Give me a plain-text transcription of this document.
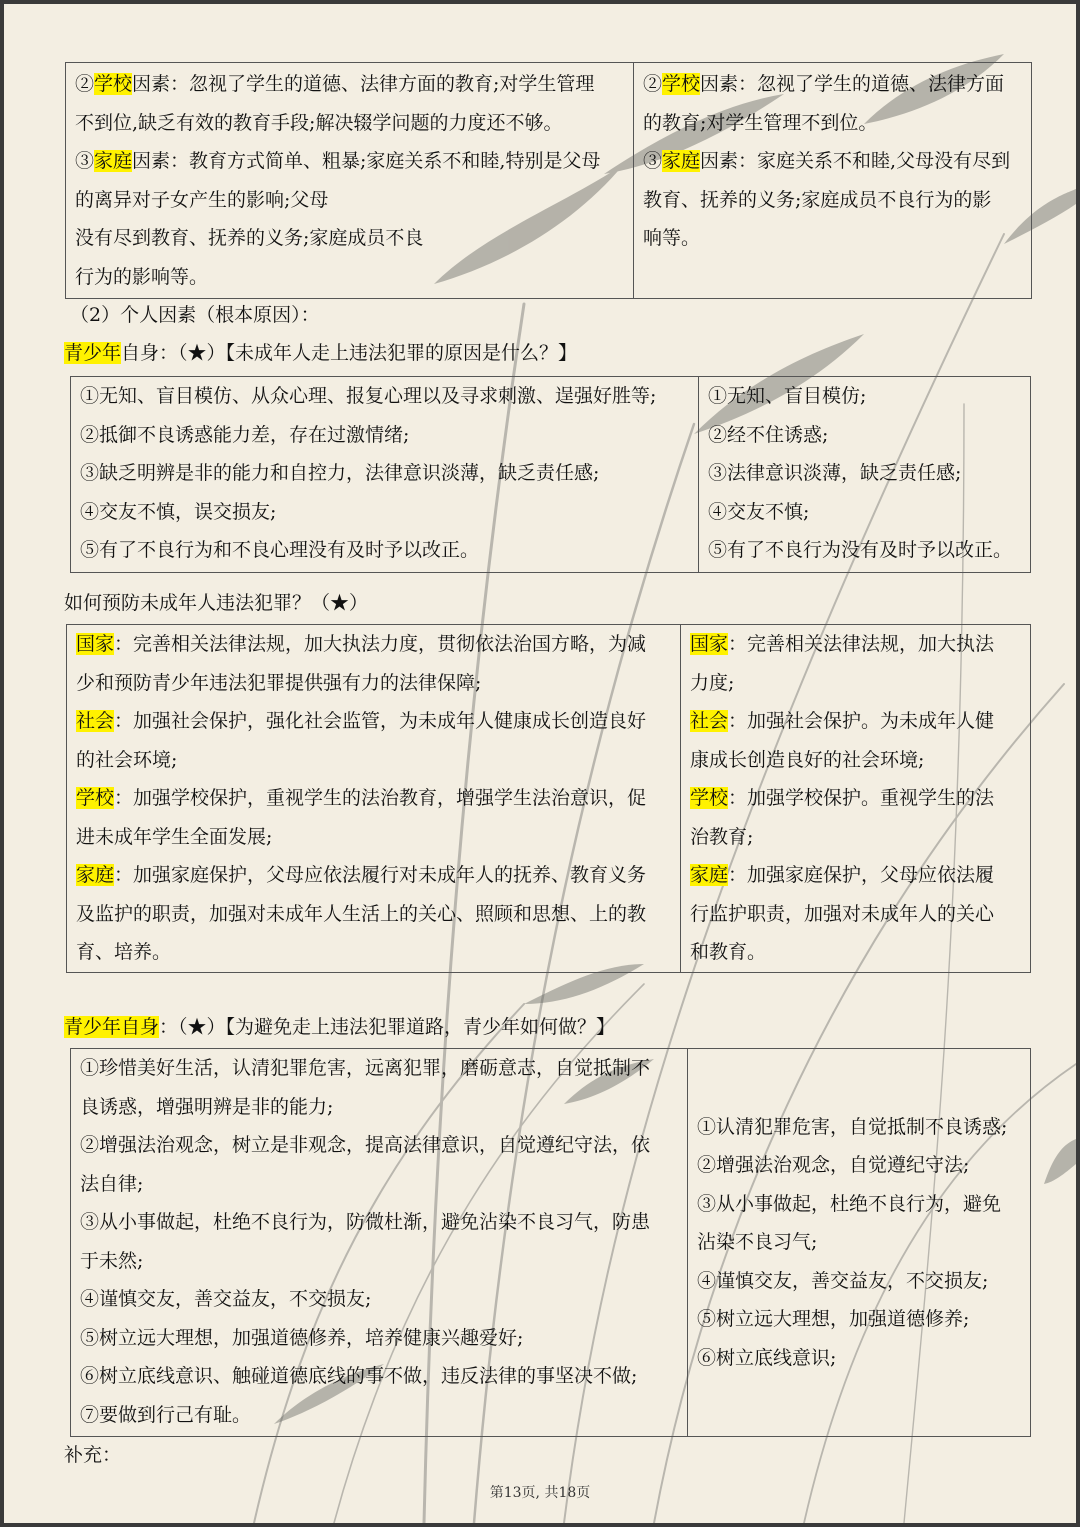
②学校因素：忽视了学生的道德、法律方面的教育;对学生管理
不到位,缺乏有效的教育手段;解决辍学问题的力度还不够。
③家庭因素：教育方式简单、粗暴;家庭关系不和睦,特别是父母
的离异对子女产生的影响;父母
没有尽到教育、抚养的义务;家庭成员不良
行为的影响等。

②学校因素：忽视了学生的道德、法律方面
的教育;对学生管理不到位。
③家庭因素：家庭关系不和睦,父母没有尽到
教育、抚养的义务;家庭成员不良行为的影
响等。
（2）个人因素（根本原因）：
青少年自身：（★）【未成年人走上违法犯罪的原因是什么？】
①无知、盲目模仿、从众心理、报复心理以及寻求刺激、逞强好胜等;
②抵御不良诱惑能力差，存在过激情绪;
③缺乏明辨是非的能力和自控力，法律意识淡薄，缺乏责任感;
④交友不慎，误交损友;
⑤有了不良行为和不良心理没有及时予以改正。

①无知、盲目模仿;
②经不住诱惑;
③法律意识淡薄，缺乏责任感;
④交友不慎;
⑤有了不良行为没有及时予以改正。
如何预防未成年人违法犯罪？（★）
国家：完善相关法律法规，加大执法力度，贯彻依法治国方略，为减
少和预防青少年违法犯罪提供强有力的法律保障;
社会：加强社会保护，强化社会监管，为未成年人健康成长创造良好
的社会环境;
学校：加强学校保护，重视学生的法治教育，增强学生法治意识，促
进未成年学生全面发展;
家庭：加强家庭保护，父母应依法履行对未成年人的抚养、教育义务
及监护的职责，加强对未成年人生活上的关心、照顾和思想、上的教
育、培养。

国家：完善相关法律法规，加大执法
力度;
社会：加强社会保护。为未成年人健
康成长创造良好的社会环境;
学校：加强学校保护。重视学生的法
治教育;
家庭：加强家庭保护，父母应依法履
行监护职责，加强对未成年人的关心
和教育。
青少年自身：（★）【为避免走上违法犯罪道路，青少年如何做？】
①珍惜美好生活，认清犯罪危害，远离犯罪，磨砺意志，自觉抵制不
良诱惑，增强明辨是非的能力;
②增强法治观念，树立是非观念，提高法律意识，自觉遵纪守法，依
法自律;
③从小事做起，杜绝不良行为，防微杜渐，避免沾染不良习气，防患
于未然;
④谨慎交友，善交益友，不交损友;
⑤树立远大理想，加强道德修养，培养健康兴趣爱好;
⑥树立底线意识、触碰道德底线的事不做，违反法律的事坚决不做;
⑦要做到行己有耻。

①认清犯罪危害，自觉抵制不良诱惑;
②增强法治观念，自觉遵纪守法;
③从小事做起，杜绝不良行为，避免
沾染不良习气;
④谨慎交友，善交益友，不交损友;
⑤树立远大理想，加强道德修养;
⑥树立底线意识;
补充：
第13页, 共18页
